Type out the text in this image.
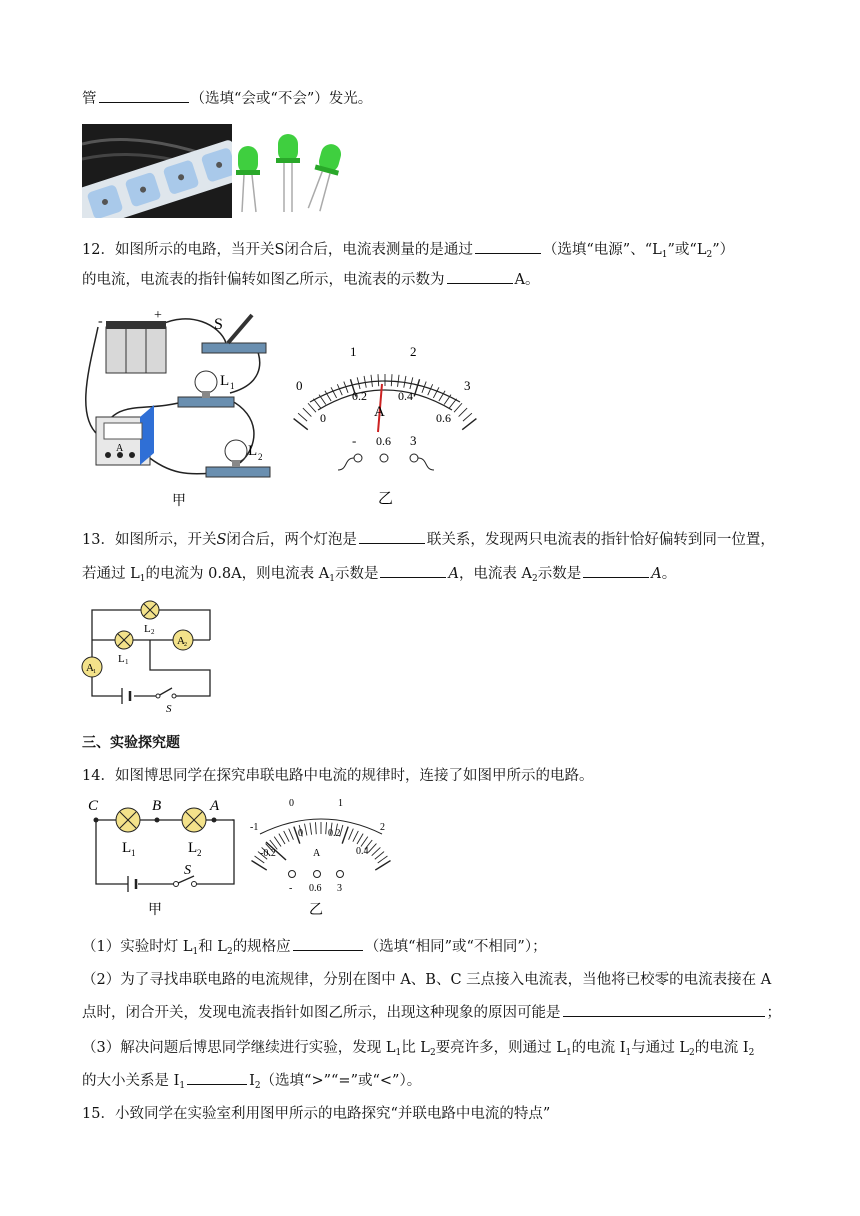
管	（选填“会或“不会”）发光。
12．如图所示的电路，当开关S闭合后，电流表测量的是通过	（选填“电源”、“$L_1$”或“$L_2$”）
的电流，电流表的指针偏转如图乙所示，电流表的示数为	A。
-	+
S
L 1
A	L 2
甲
1	2
0	3
0
0.2	0.4
0.6
A
- 0.6 3
乙
13．如图所示，开关S闭合后，两个灯泡是	联关系，发现两只电流表的指针恰好偏转到同一位置，
若通过 $L_1$的电流为 0.8A，则电流表 $A_1$示数是	A，电流表 $A_2$示数是	A。
L 2
L 1
A 2
A 1
S
三、实验探究题
14．如图博思同学在探究串联电路中电流的规律时，连接了如图甲所示的电路。
C	B	A
L 1	L 2
S
甲
-1
0	1
2
-0.2
0	0.2
0.4
A
- 0.6 3
乙
（1）实验时灯 $L_1$和 $L_2$的规格应	（选填“相同”或“不相同”）；
（2）为了寻找串联电路的电流规律，分别在图中 A、B、C 三点接入电流表，当他将已校零的电流表接在 A
点时，闭合开关，发现电流表指针如图乙所示，出现这种现象的原因可能是	；
（3）解决问题后博思同学继续进行实验，发现 $L_1$比 $L_2$要亮许多，则通过 $L_1$的电流 $I_1$与通过 $L_2$的电流 $I_2$
的大小关系是 $I_1$	$I_2$（选填“>”“=”或“<”）。
15．小致同学在实验室利用图甲所示的电路探究“并联电路中电流的特点”
